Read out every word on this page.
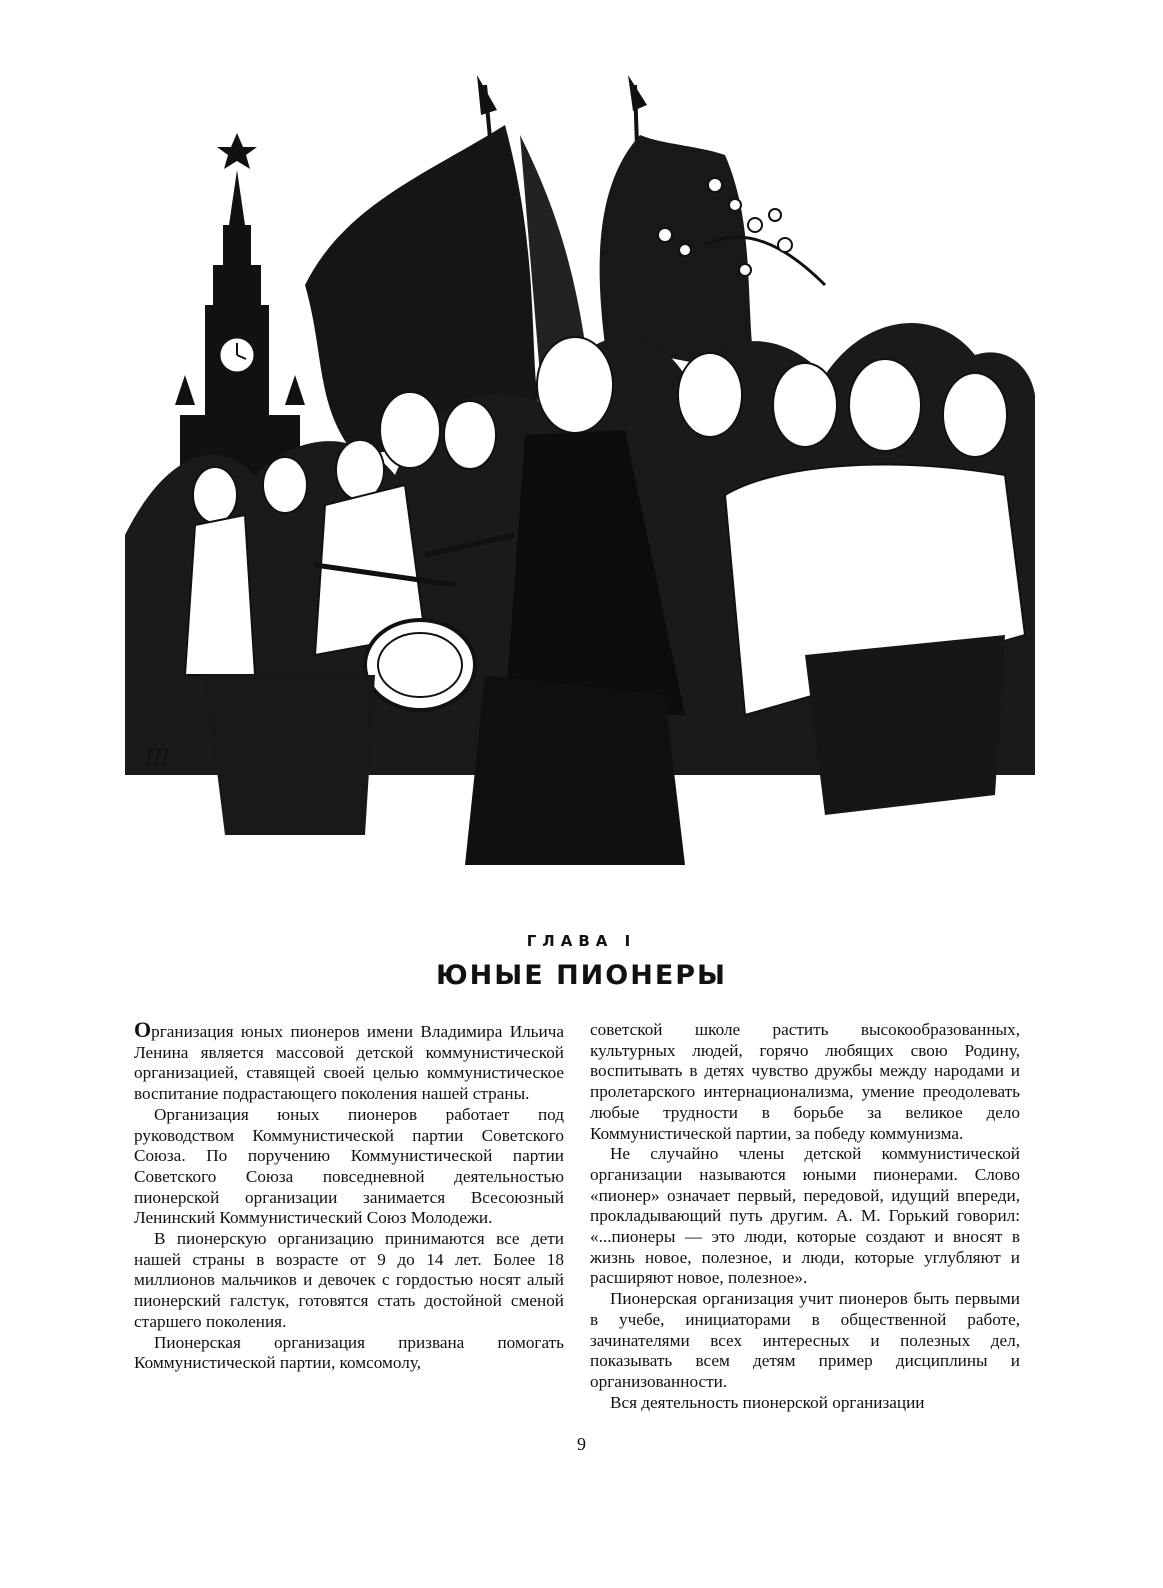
Ш
ГЛАВА I
ЮНЫЕ ПИОНЕРЫ

Организация юных пионеров имени Владимира Ильича Ленина является массовой детской коммунистической организацией, ставящей своей целью коммунистическое воспитание подрастающего поколения нашей страны.

Организация юных пионеров работает под руководством Коммунистической партии Советского Союза. По поручению Коммунистической партии Советского Союза повседневной деятельностью пионерской организации занимается Всесоюзный Ленинский Коммунистический Союз Молодежи.

В пионерскую организацию принимаются все дети нашей страны в возрасте от 9 до 14 лет. Более 18 миллионов мальчиков и девочек с гордостью носят алый пионерский галстук, готовятся стать достойной сменой старшего поколения.

Пионерская организация призвана помогать Коммунистической партии, комсомолу,

советской школе растить высокообразованных, культурных людей, горячо любящих свою Родину, воспитывать в детях чувство дружбы между народами и пролетарского интернационализма, умение преодолевать любые трудности в борьбе за великое дело Коммунистической партии, за победу коммунизма.

Не случайно члены детской коммунистической организации называются юными пионерами. Слово «пионер» означает первый, передовой, идущий впереди, прокладывающий путь другим. А. М. Горький говорил: «...пионеры — это люди, которые создают и вносят в жизнь новое, полезное, и люди, которые углубляют и расширяют новое, полезное».

Пионерская организация учит пионеров быть первыми в учебе, инициаторами в общественной работе, зачинателями всех интересных и полезных дел, показывать всем детям пример дисциплины и организованности.

Вся деятельность пионерской организации

9
